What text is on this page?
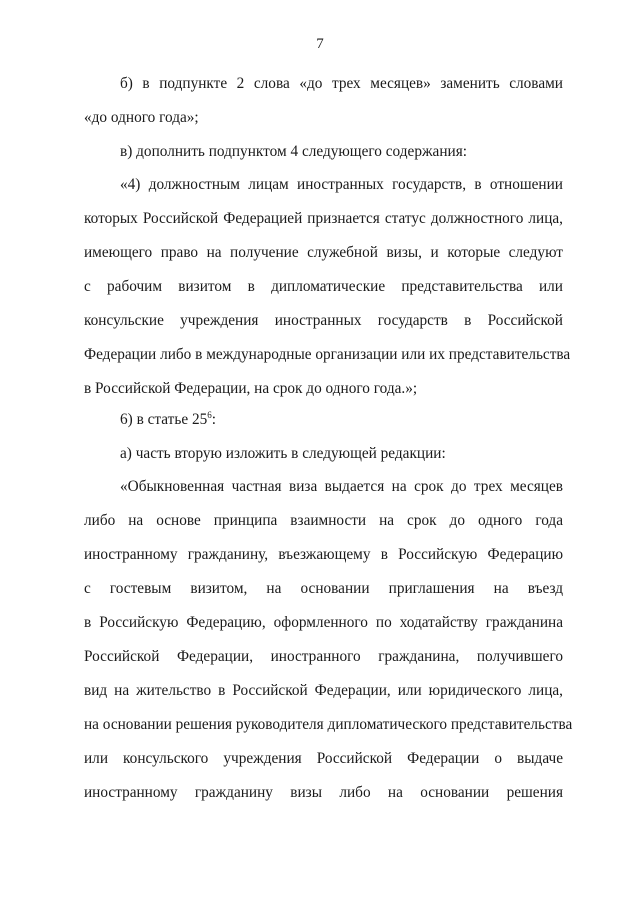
7
б) в подпункте 2 слова «до трех месяцев» заменить словами
«до одного года»;
в) дополнить подпунктом 4 следующего содержания:
«4) должностным лицам иностранных государств, в отношении
которых Российской Федерацией признается статус должностного лица,
имеющего право на получение служебной визы, и которые следуют
с рабочим визитом в дипломатические представительства или
консульские учреждения иностранных государств в Российской
Федерации либо в международные организации или их представительства
в Российской Федерации, на срок до одного года.»;
6) в статье $25^6$:
а) часть вторую изложить в следующей редакции:
«Обыкновенная частная виза выдается на срок до трех месяцев
либо на основе принципа взаимности на срок до одного года
иностранному гражданину, въезжающему в Российскую Федерацию
с гостевым визитом, на основании приглашения на въезд
в Российскую Федерацию, оформленного по ходатайству гражданина
Российской Федерации, иностранного гражданина, получившего
вид на жительство в Российской Федерации, или юридического лица,
на основании решения руководителя дипломатического представительства
или консульского учреждения Российской Федерации о выдаче
иностранному гражданину визы либо на основании решения
